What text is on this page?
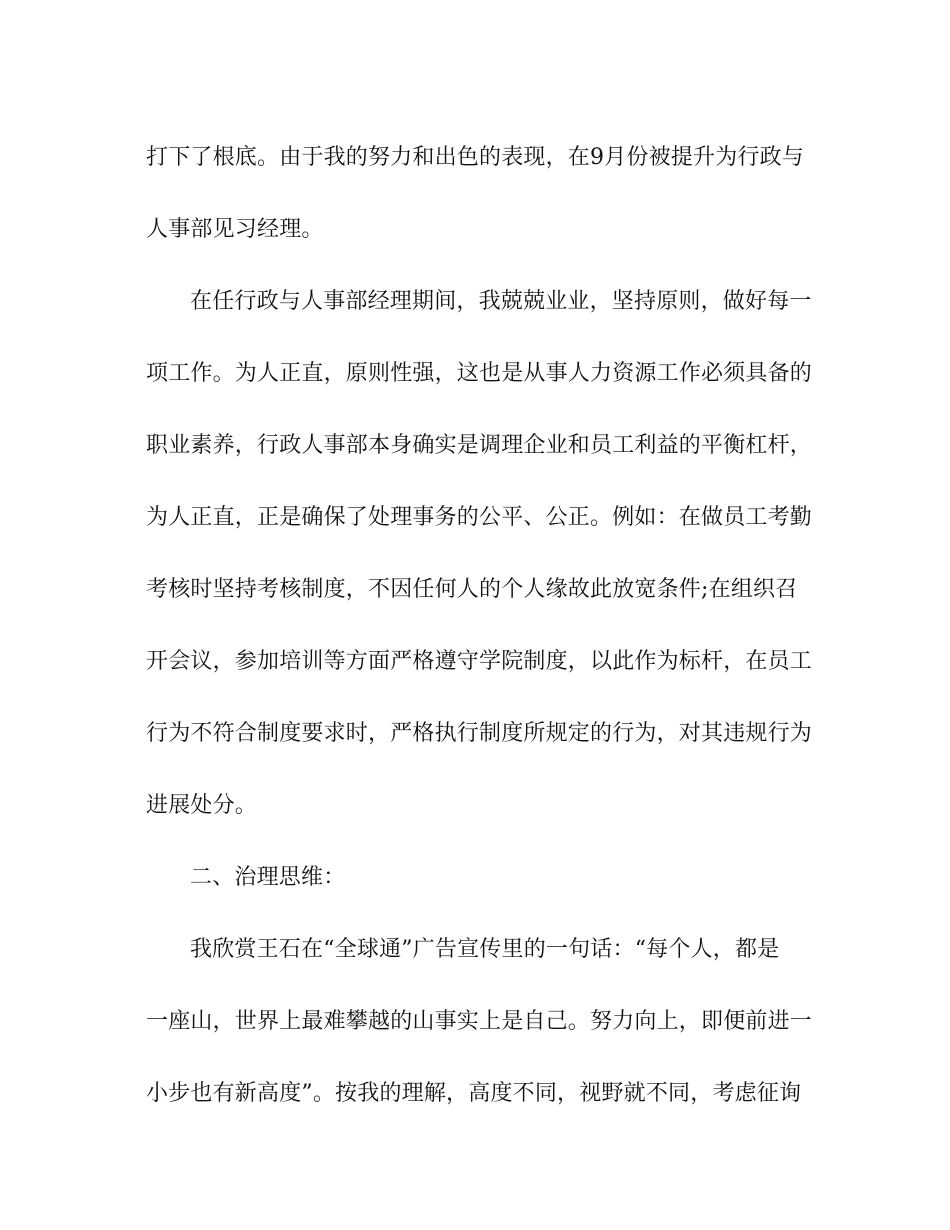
打下了根底。由于我的努力和出色的表现，在9月份被提升为行政与
人事部见习经理。
在任行政与人事部经理期间，我兢兢业业，坚持原则，做好每一
项工作。为人正直，原则性强，这也是从事人力资源工作必须具备的
职业素养，行政人事部本身确实是调理企业和员工利益的平衡杠杆，
为人正直，正是确保了处理事务的公平、公正。例如：在做员工考勤
考核时坚持考核制度，不因任何人的个人缘故此放宽条件;在组织召
开会议，参加培训等方面严格遵守学院制度，以此作为标杆，在员工
行为不符合制度要求时，严格执行制度所规定的行为，对其违规行为
进展处分。
二、治理思维：
我欣赏王石在“全球通”广告宣传里的一句话：“每个人，都是
一座山，世界上最难攀越的山事实上是自己。努力向上，即便前进一
小步也有新高度”。按我的理解，高度不同，视野就不同，考虑征询
